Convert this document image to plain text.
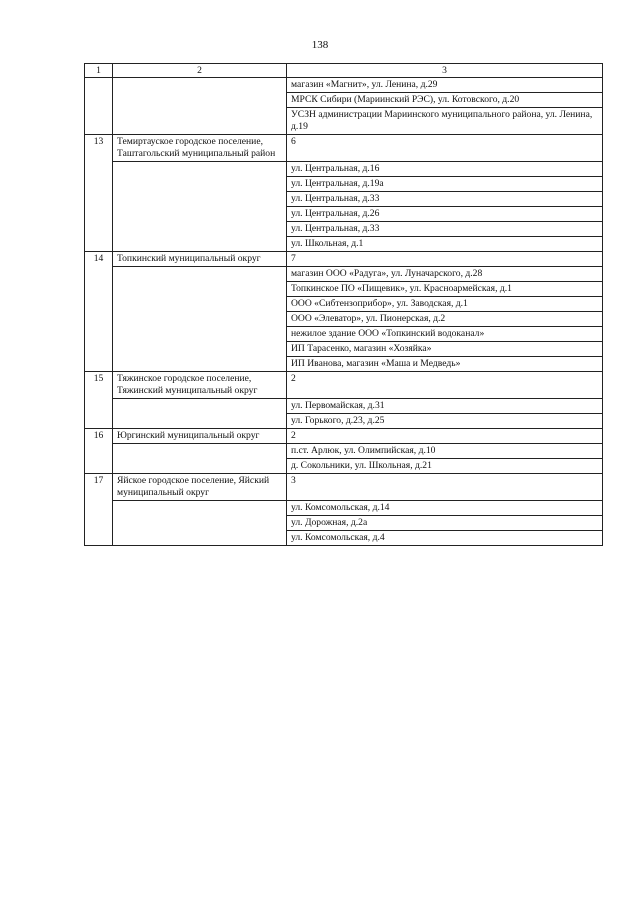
138
1	2	3
		магазин «Магнит», ул. Ленина, д.29
		МРСК Сибири (Мариинский РЭС), ул. Котовского, д.20
		УСЗН администрации Мариинского муниципального района, ул. Ленина, д.19
13	Темиртауское городское поселение, Таштагольский муниципальный район	6
		ул. Центральная, д.16
		ул. Центральная, д.19а
		ул. Центральная, д.33
		ул. Центральная, д.26
		ул. Центральная, д.33
		ул. Школьная, д.1
14	Топкинский муниципальный округ	7
		магазин ООО «Радуга», ул. Луначарского, д.28
		Топкинское ПО «Пищевик», ул. Красноармейская, д.1
		ООО «Сибтензоприбор», ул. Заводская, д.1
		ООО «Элеватор», ул. Пионерская, д.2
		нежилое здание ООО «Топкинский водоканал»
		ИП Тарасенко, магазин «Хозяйка»
		ИП Иванова, магазин «Маша и Медведь»
15	Тяжинское городское поселение, Тяжинский муниципальный округ	2
		ул. Первомайская, д.31
		ул. Горького, д.23, д.25
16	Юргинский муниципальный округ	2
		п.ст. Арлюк, ул. Олимпийская, д.10
		д. Сокольники, ул. Школьная, д.21
17	Яйское городское поселение, Яйский муниципальный округ	3
		ул. Комсомольская, д.14
		ул. Дорожная, д.2а
		ул. Комсомольская, д.4
